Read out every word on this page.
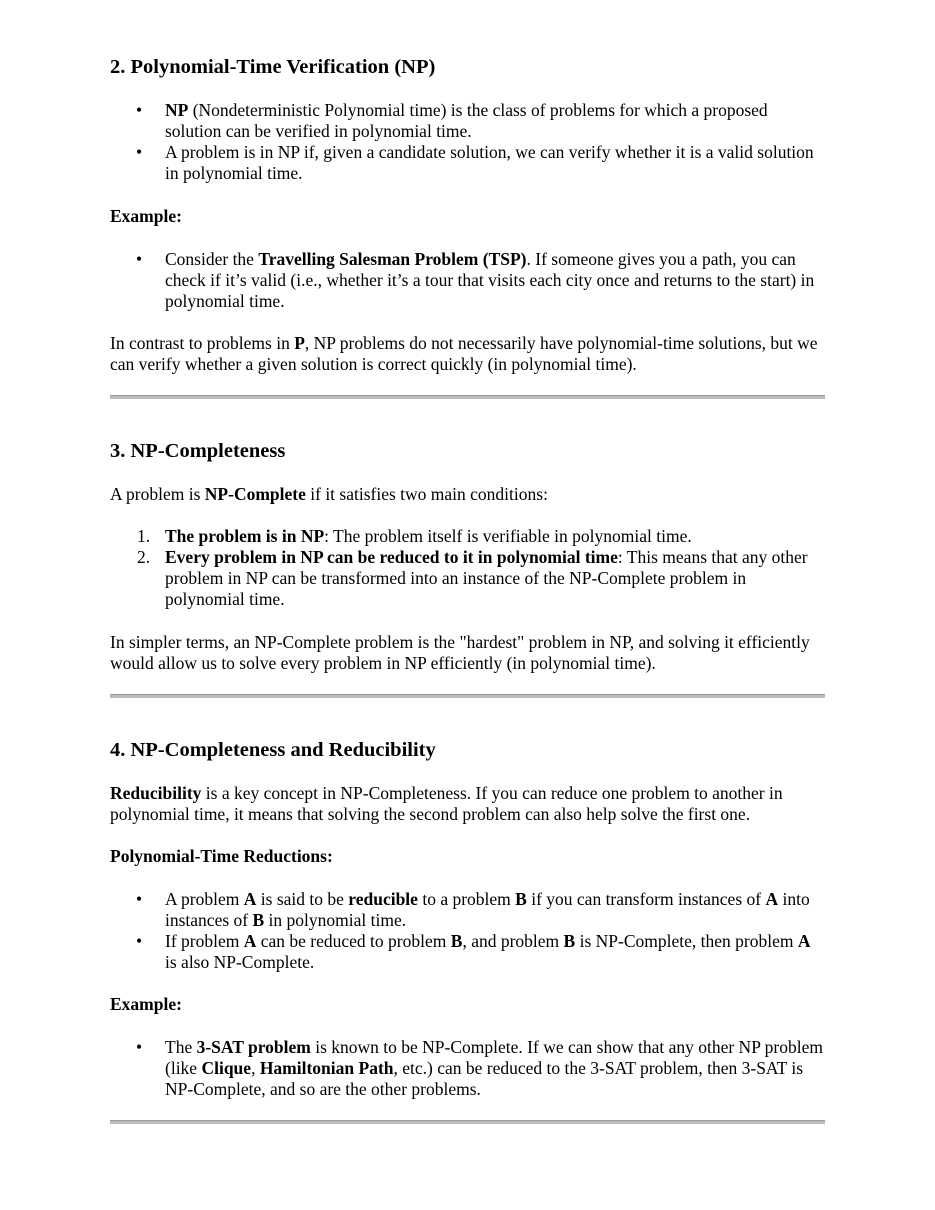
2. Polynomial-Time Verification (NP)
•	NP (Nondeterministic Polynomial time) is the class of problems for which a proposed solution can be verified in polynomial time.
•	A problem is in NP if, given a candidate solution, we can verify whether it is a valid solution in polynomial time.

Example:

•	Consider the Travelling Salesman Problem (TSP). If someone gives you a path, you can check if it’s valid (i.e., whether it’s a tour that visits each city once and returns to the start) in polynomial time.

In contrast to problems in P, NP problems do not necessarily have polynomial-time solutions, but we can verify whether a given solution is correct quickly (in polynomial time).

3. NP-Completeness

A problem is NP-Complete if it satisfies two main conditions:

1. The problem is in NP: The problem itself is verifiable in polynomial time.
2. Every problem in NP can be reduced to it in polynomial time: This means that any other problem in NP can be transformed into an instance of the NP-Complete problem in polynomial time.

In simpler terms, an NP-Complete problem is the "hardest" problem in NP, and solving it efficiently would allow us to solve every problem in NP efficiently (in polynomial time).

4. NP-Completeness and Reducibility

Reducibility is a key concept in NP-Completeness. If you can reduce one problem to another in polynomial time, it means that solving the second problem can also help solve the first one.

Polynomial-Time Reductions:

•	A problem A is said to be reducible to a problem B if you can transform instances of A into instances of B in polynomial time.
•	If problem A can be reduced to problem B, and problem B is NP-Complete, then problem A is also NP-Complete.

Example:

•	The 3-SAT problem is known to be NP-Complete. If we can show that any other NP problem (like Clique, Hamiltonian Path, etc.) can be reduced to the 3-SAT problem, then 3-SAT is NP-Complete, and so are the other problems.
